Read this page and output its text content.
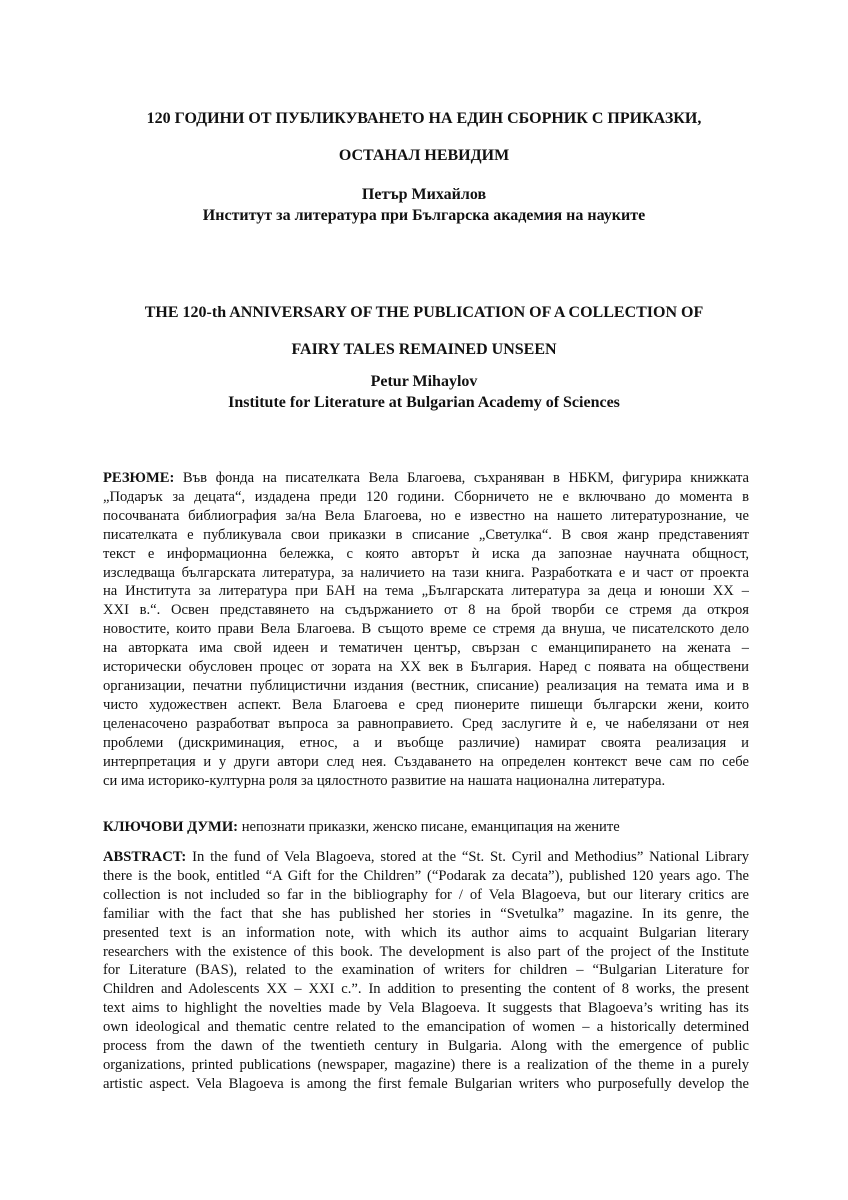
120 ГОДИНИ ОТ ПУБЛИКУВАНЕТО НА ЕДИН СБОРНИК С ПРИКАЗКИ,
ОСТАНАЛ НЕВИДИМ
Петър Михайлов
Институт за литература при Българска академия на науките
THE 120-th ANNIVERSARY OF THE PUBLICATION OF A COLLECTION OF
FAIRY TALES REMAINED UNSEEN
Petur Mihaylov
Institute for Literature at Bulgarian Academy of Sciences
РЕЗЮМЕ: Във фонда на писателката Вела Благоева, съхраняван в НБКМ, фигурира книжката
„Подарък за децата“, издадена преди 120 години. Сборничето не е включвано до момента в
посочваната библиография за/на Вела Благоева, но е известно на нашето литературознание, че
писателката е публикувала свои приказки в списание „Светулка“. В своя жанр представеният
текст е информационна бележка, с която авторът ѝ иска да запознае научната общност,
изследваща българската литература, за наличието на тази книга. Разработката е и част от проекта
на Института за литература при БАН на тема „Българската литература за деца и юноши XX –
XXI в.“. Освен представянето на съдържанието от 8 на брой творби се стремя да открoя
новостите, които прави Вела Благоева. В същото време се стремя да внуша, че писателското дело
на авторката има свой идеен и тематичен център, свързан с еманципирането на жената –
исторически обусловен процес от зората на XX век в България. Наред с появата на обществени
организации, печатни публицистични издания (вестник, списание) реализация на темата има и в
чисто художествен аспект. Вела Благоева е сред пионерите пишещи български жени, които
целенасочено разработват въпроса за равноправието. Сред заслугите ѝ е, че набелязани от нея
проблеми (дискриминация, етнос, а и въобще различие) намират своята реализация и
интерпретация и у други автори след нея. Създаването на определен контекст вече сам по себе
си има историко-културна роля за цялостното развитие на нашата национална литература.
КЛЮЧОВИ ДУМИ: непознати приказки, женско писане, еманципация на жените
ABSTRACT: In the fund of Vela Blagoeva, stored at the “St. St. Cyril and Methodius” National Library
there is the book, entitled “A Gift for the Children” (“Podarak za decata”), published 120 years ago. The
collection is not included so far in the bibliography for / of Vela Blagoeva, but our literary critics are
familiar with the fact that she has published her stories in “Svetulka” magazine. In its genre, the
presented text is an information note, with which its author aims to acquaint Bulgarian literary
researchers with the existence of this book. The development is also part of the project of the Institute
for Literature (BAS), related to the examination of writers for children – “Bulgarian Literature for
Children and Adolescents XX – XXI c.”. In addition to presenting the content of 8 works, the present
text aims to highlight the novelties made by Vela Blagoeva. It suggests that Blagoeva’s writing has its
own ideological and thematic centre related to the emancipation of women – a historically determined
process from the dawn of the twentieth century in Bulgaria. Along with the emergence of public
organizations, printed publications (newspaper, magazine) there is a realization of the theme in a purely
artistic aspect. Vela Blagoeva is among the first female Bulgarian writers who purposefully develop the
